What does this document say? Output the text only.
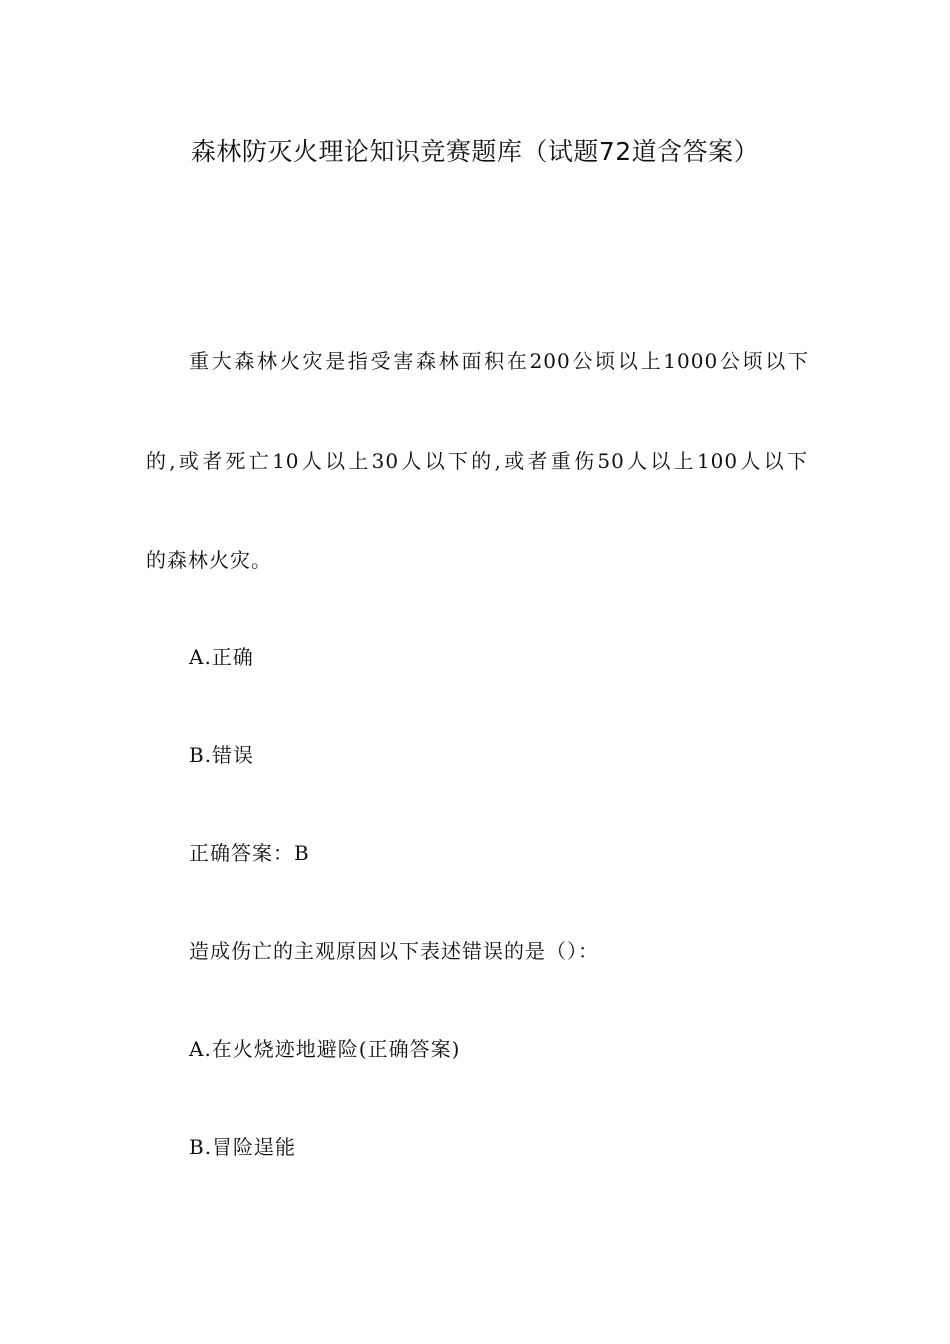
森林防灭火理论知识竞赛题库（试题72道含答案）
重大森林火灾是指受害森林面积在200公顷以上1000公顷以下
的,或者死亡10人以上30人以下的,或者重伤50人以上100人以下
的森林火灾。
A.正确
B.错误
正确答案：B
造成伤亡的主观原因以下表述错误的是（）：
A.在火烧迹地避险(正确答案)
B.冒险逞能
